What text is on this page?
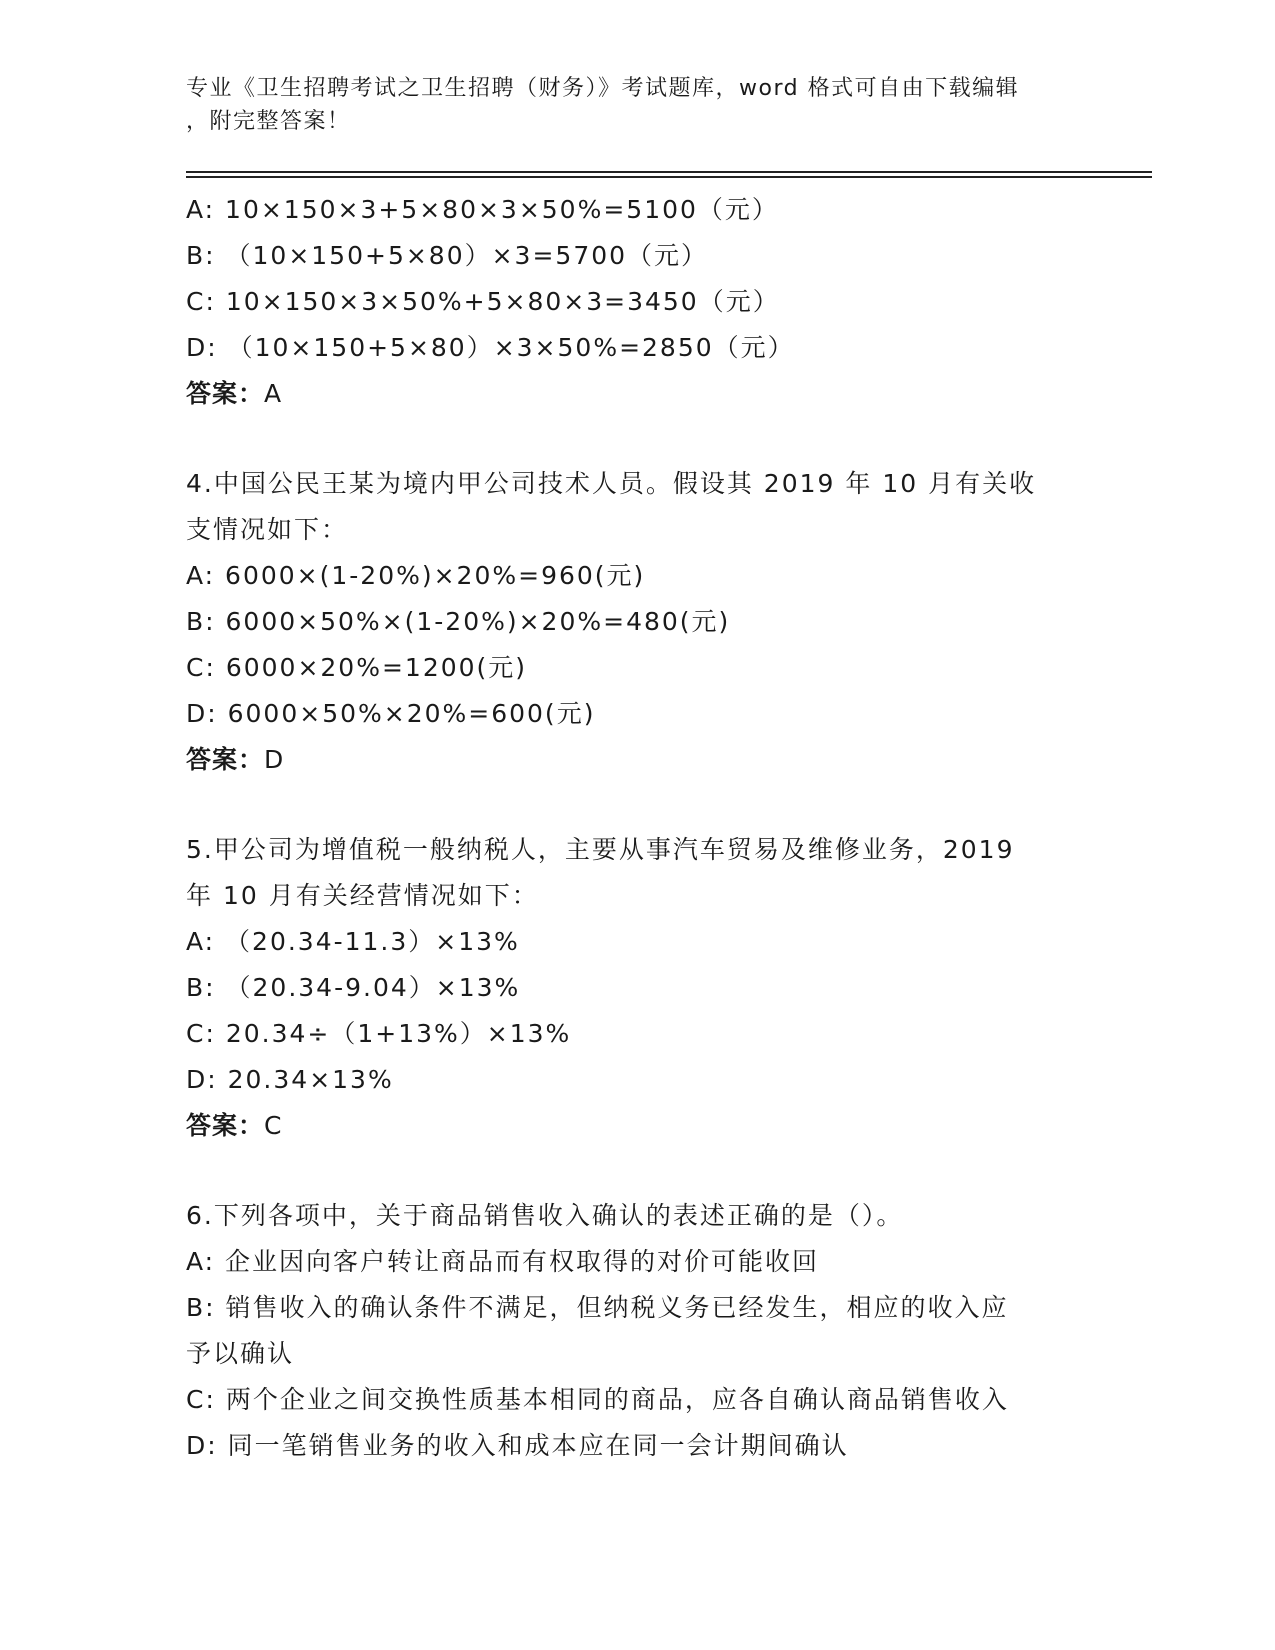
专业《卫生招聘考试之卫生招聘（财务）》考试题库，word 格式可自由下载编辑
，附完整答案！
A: 10×150×3+5×80×3×50%=5100（元）
B: （10×150+5×80）×3=5700（元）
C: 10×150×3×50%+5×80×3=3450（元）
D: （10×150+5×80）×3×50%=2850（元）
答案：A
4.中国公民王某为境内甲公司技术人员。假设其 2019 年 10 月有关收
支情况如下：
A: 6000×(1-20%)×20%=960(元)
B: 6000×50%×(1-20%)×20%=480(元)
C: 6000×20%=1200(元)
D: 6000×50%×20%=600(元)
答案：D
5.甲公司为增值税一般纳税人，主要从事汽车贸易及维修业务，2019
年 10 月有关经营情况如下：
A: （20.34-11.3）×13%
B: （20.34-9.04）×13%
C: 20.34÷（1+13%）×13%
D: 20.34×13%
答案：C
6.下列各项中，关于商品销售收入确认的表述正确的是（）。
A: 企业因向客户转让商品而有权取得的对价可能收回
B: 销售收入的确认条件不满足，但纳税义务已经发生，相应的收入应
予以确认
C: 两个企业之间交换性质基本相同的商品，应各自确认商品销售收入
D: 同一笔销售业务的收入和成本应在同一会计期间确认
